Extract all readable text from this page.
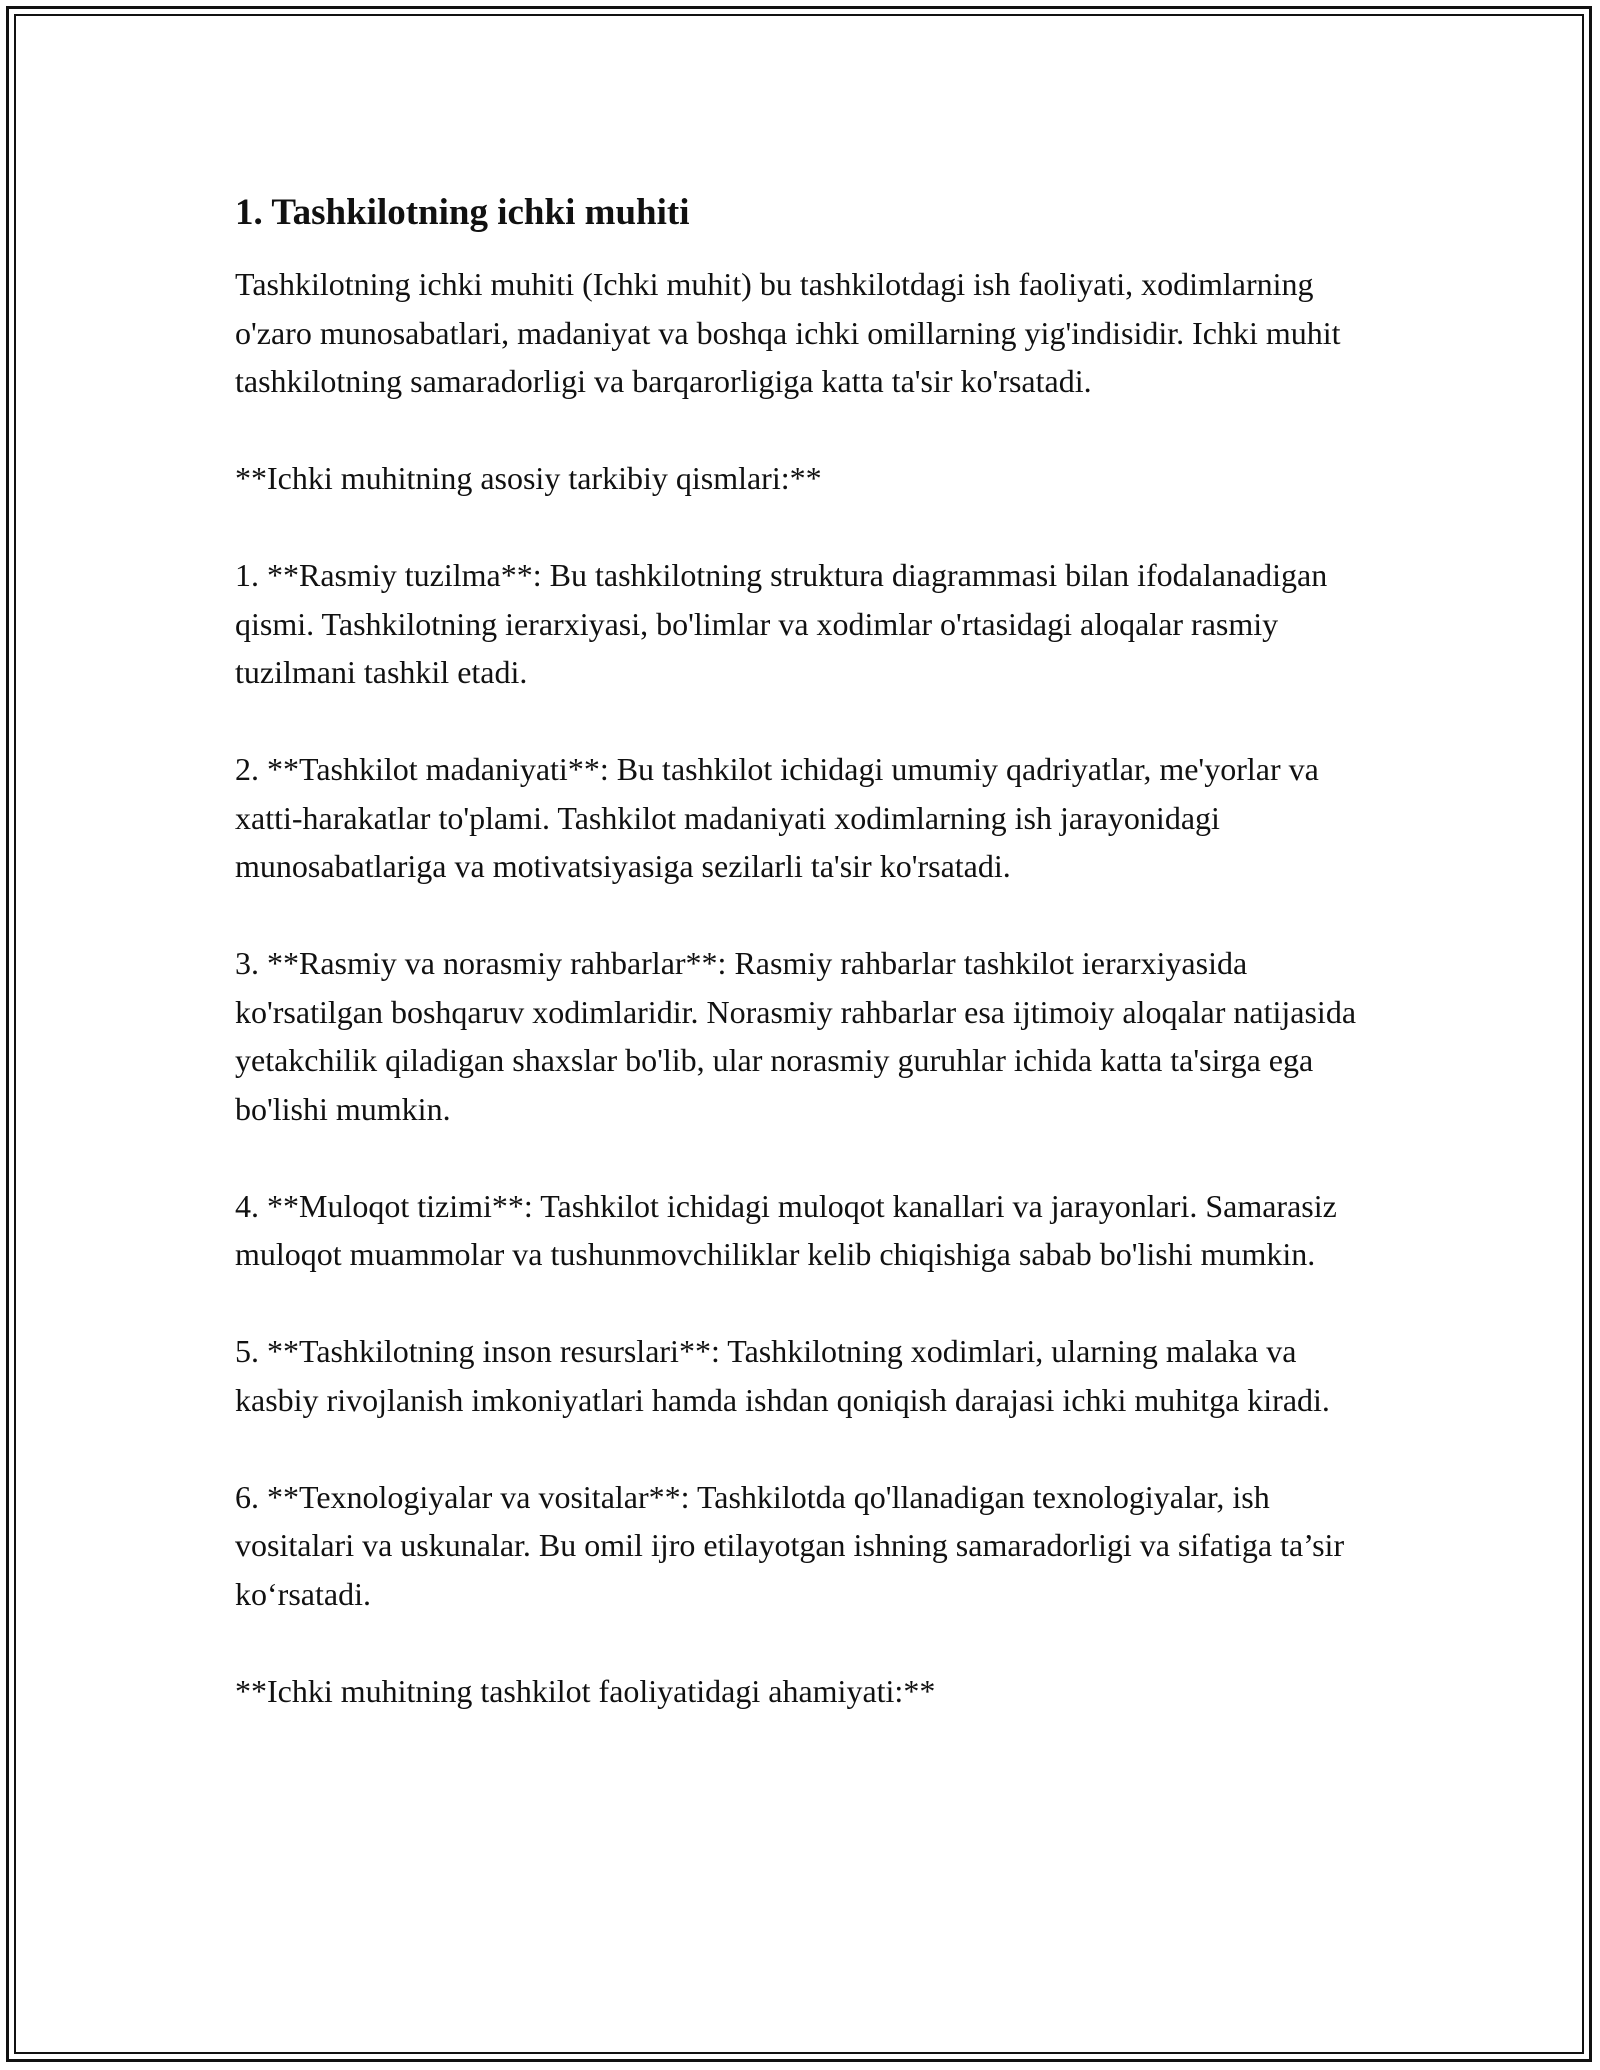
1. Tashkilotning ichki muhiti

Tashkilotning ichki muhiti (Ichki muhit) bu tashkilotdagi ish faoliyati, xodimlarning o'zaro munosabatlari, madaniyat va boshqa ichki omillarning yig'indisidir. Ichki muhit tashkilotning samaradorligi va barqarorligiga katta ta'sir ko'rsatadi.

**Ichki muhitning asosiy tarkibiy qismlari:**

1. **Rasmiy tuzilma**: Bu tashkilotning struktura diagrammasi bilan ifodalanadigan qismi. Tashkilotning ierarxiyasi, bo'limlar va xodimlar o'rtasidagi aloqalar rasmiy tuzilmani tashkil etadi.

2. **Tashkilot madaniyati**: Bu tashkilot ichidagi umumiy qadriyatlar, me'yorlar va xatti-harakatlar to'plami. Tashkilot madaniyati xodimlarning ish jarayonidagi munosabatlariga va motivatsiyasiga sezilarli ta'sir ko'rsatadi.

3. **Rasmiy va norasmiy rahbarlar**: Rasmiy rahbarlar tashkilot ierarxiyasida ko'rsatilgan boshqaruv xodimlaridir. Norasmiy rahbarlar esa ijtimoiy aloqalar natijasida yetakchilik qiladigan shaxslar bo'lib, ular norasmiy guruhlar ichida katta ta'sirga ega bo'lishi mumkin.

4. **Muloqot tizimi**: Tashkilot ichidagi muloqot kanallari va jarayonlari. Samarasiz muloqot muammolar va tushunmovchiliklar kelib chiqishiga sabab bo'lishi mumkin.

5. **Tashkilotning inson resurslari**: Tashkilotning xodimlari, ularning malaka va kasbiy rivojlanish imkoniyatlari hamda ishdan qoniqish darajasi ichki muhitga kiradi.

6. **Texnologiyalar va vositalar**: Tashkilotda qo'llanadigan texnologiyalar, ish vositalari va uskunalar. Bu omil ijro etilayotgan ishning samaradorligi va sifatiga ta’sir ko‘rsatadi.

**Ichki muhitning tashkilot faoliyatidagi ahamiyati:**
